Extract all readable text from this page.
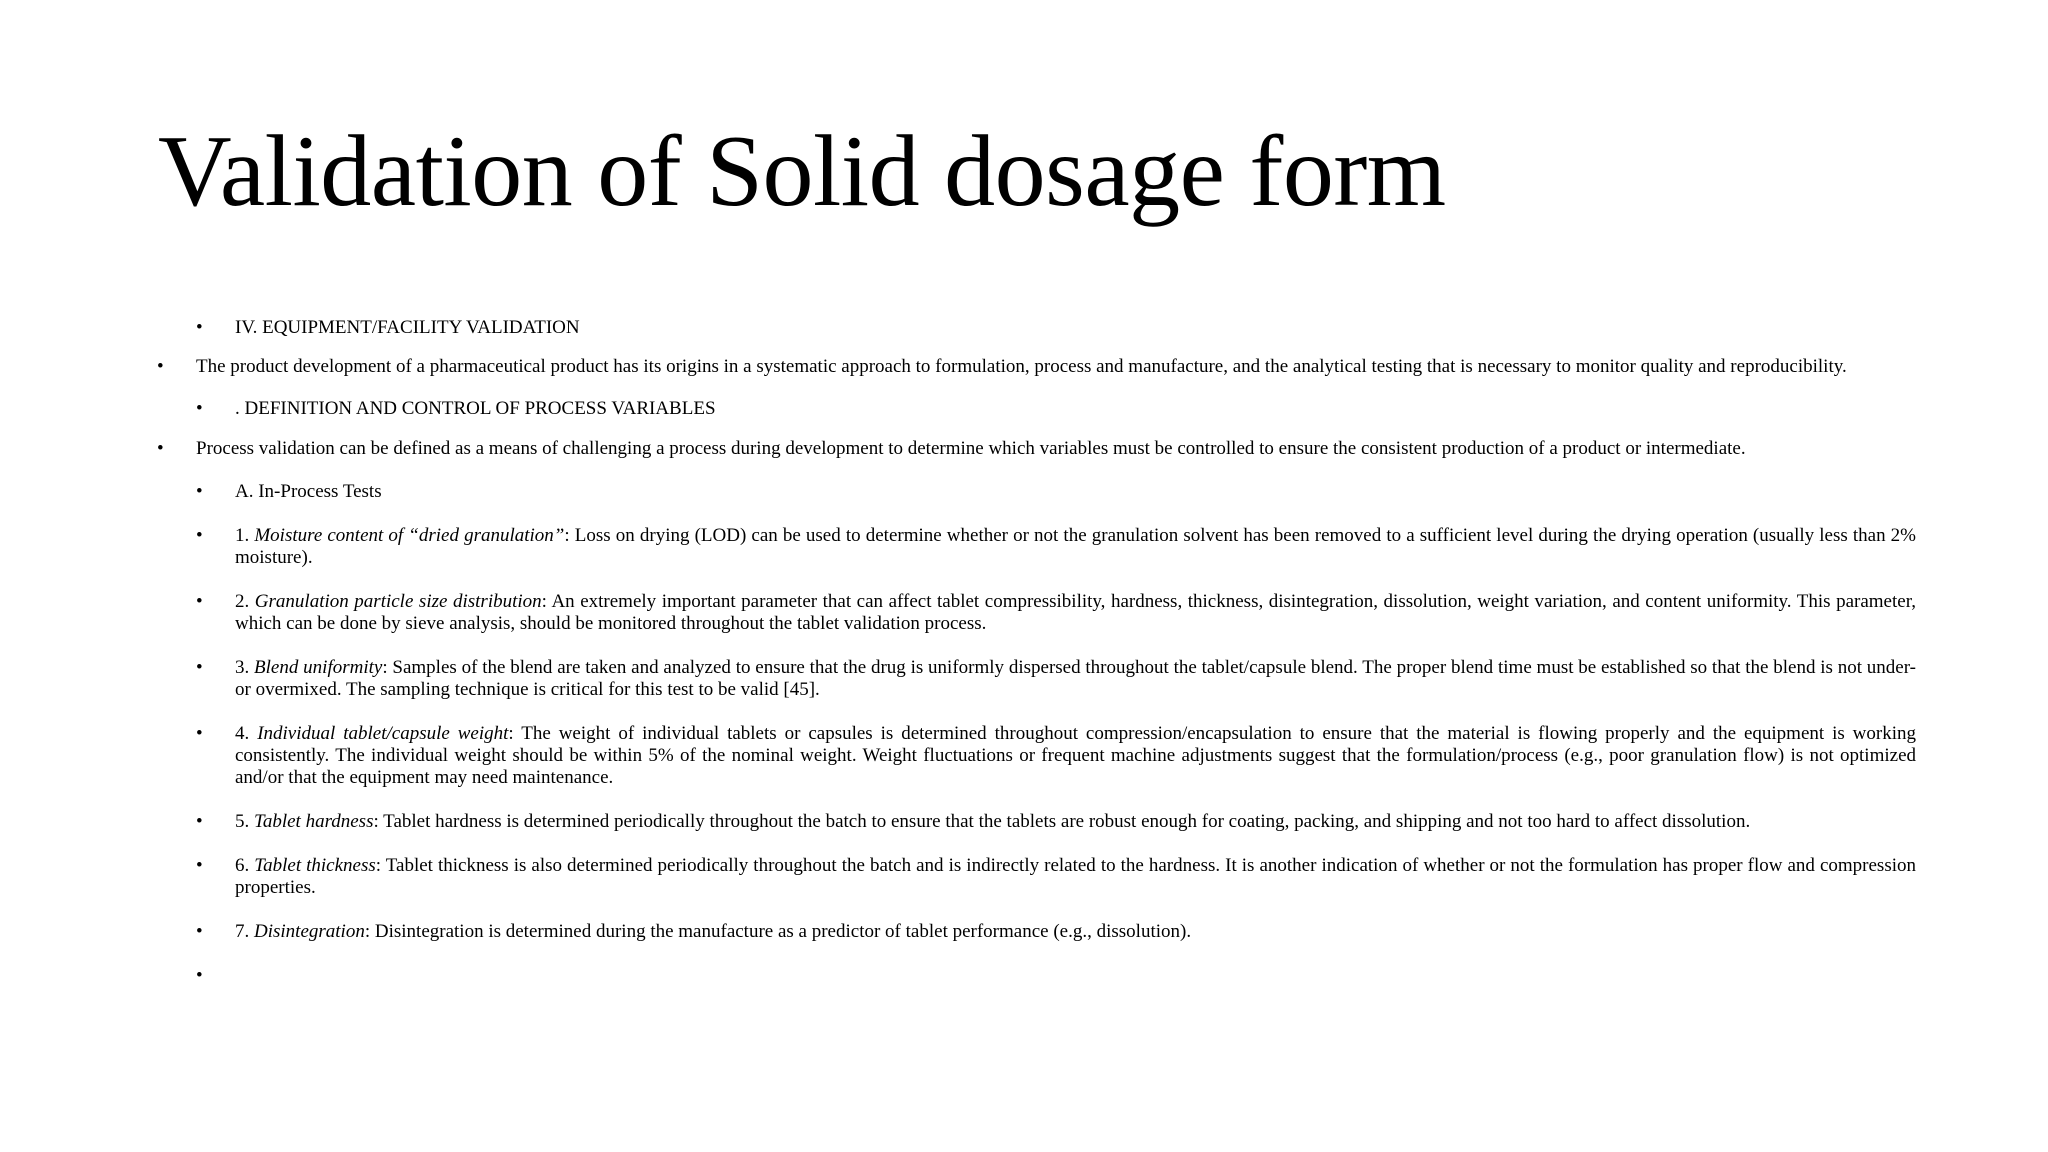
Validation of Solid dosage form
•	IV. EQUIPMENT/FACILITY VALIDATION
•	The product development of a pharmaceutical product has its origins in a systematic approach to formulation, process and manufacture, and the analytical testing that is necessary to monitor quality and reproducibility.
•	. DEFINITION AND CONTROL OF PROCESS VARIABLES
•	Process validation can be defined as a means of challenging a process during development to determine which variables must be controlled to ensure the consistent production of a product or intermediate.
•	A. In-Process Tests
•	1. Moisture content of “dried granulation”: Loss on drying (LOD) can be used to determine whether or not the granulation solvent has been removed to a sufficient level during the drying operation (usually less than 2% moisture).
•	2. Granulation particle size distribution: An extremely important parameter that can affect tablet compressibility, hardness, thickness, disintegration, dissolution, weight variation, and content uniformity. This parameter, which can be done by sieve analysis, should be monitored throughout the tablet validation process.
•	3. Blend uniformity: Samples of the blend are taken and analyzed to ensure that the drug is uniformly dispersed throughout the tablet/capsule blend. The proper blend time must be established so that the blend is not under- or overmixed. The sampling technique is critical for this test to be valid [45].
•	4. Individual tablet/capsule weight: The weight of individual tablets or capsules is determined throughout compression/encapsulation to ensure that the material is flowing properly and the equipment is working consistently. The individual weight should be within 5% of the nominal weight. Weight fluctuations or frequent machine adjustments suggest that the formulation/process (e.g., poor granulation flow) is not optimized and/or that the equipment may need maintenance.
•	5. Tablet hardness: Tablet hardness is determined periodically throughout the batch to ensure that the tablets are robust enough for coating, packing, and shipping and not too hard to affect dissolution.
•	6. Tablet thickness: Tablet thickness is also determined periodically throughout the batch and is indirectly related to the hardness. It is another indication of whether or not the formulation has proper flow and compression properties.
•	7. Disintegration: Disintegration is determined during the manufacture as a predictor of tablet performance (e.g., dissolution).
•
